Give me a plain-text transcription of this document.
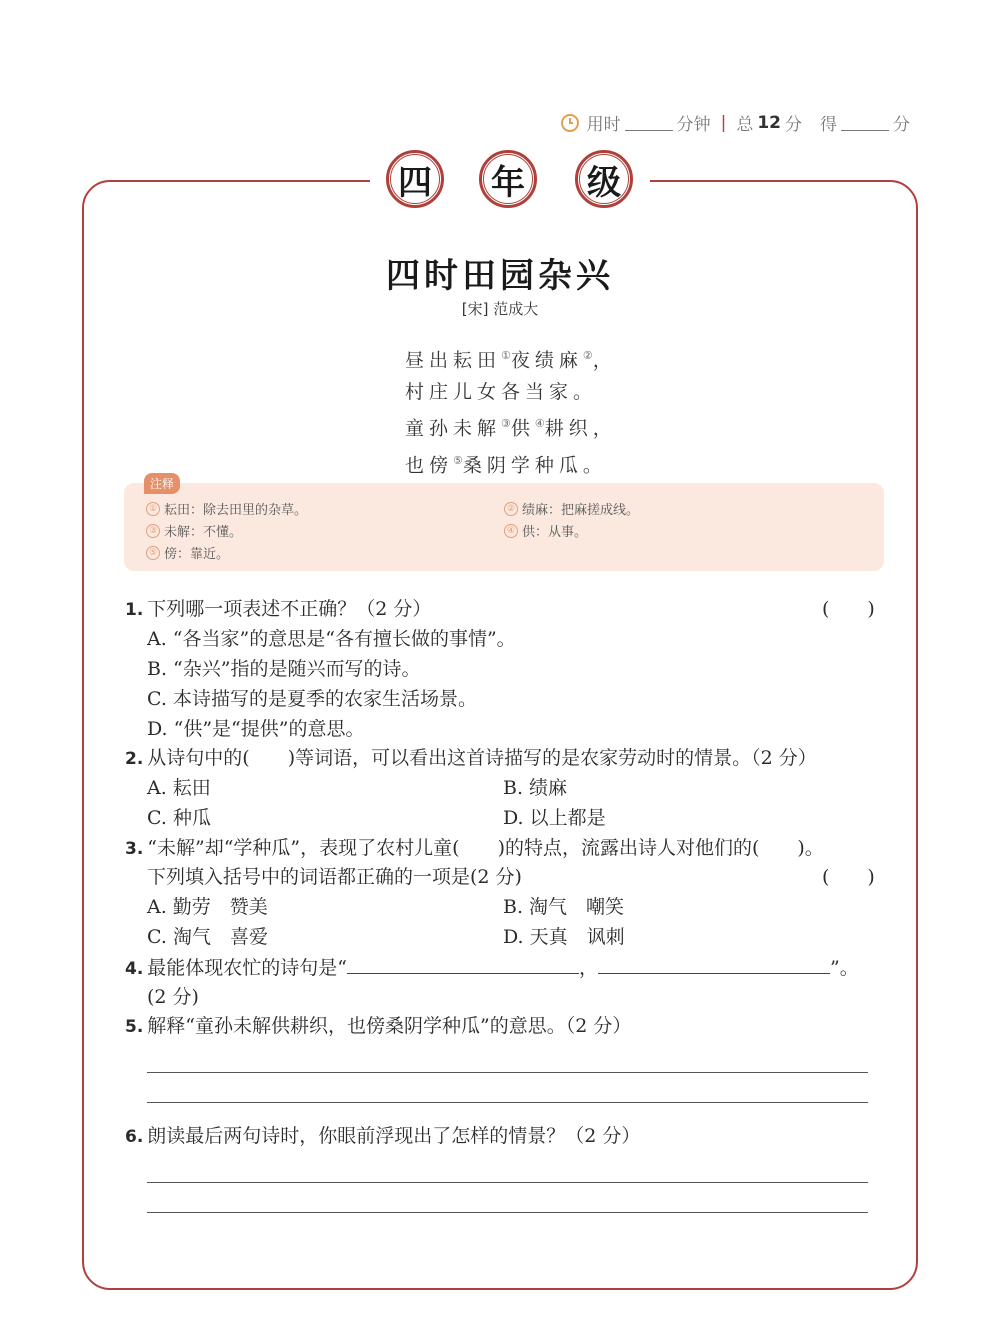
用时	分钟 | 总 12 分 得	分
四 年 级
四时田园杂兴
[宋] 范成大
昼出耘田①夜绩麻②，
村庄儿女各当家。
童孙未解③供④耕织，
也傍⑤桑阴学种瓜。
注释
① 耘田：除去田里的杂草。	② 绩麻：把麻搓成线。
③ 未解：不懂。	④ 供：从事。
⑤ 傍：靠近。
1. 下列哪一项表述不正确？（2 分）	(　　)
A. “各当家”的意思是“各有擅长做的事情”。
B. “杂兴”指的是随兴而写的诗。
C. 本诗描写的是夏季的农家生活场景。
D. “供”是“提供”的意思。
2. 从诗句中的(　　)等词语，可以看出这首诗描写的是农家劳动时的情景。（2 分）
A. 耘田	B. 绩麻
C. 种瓜	D. 以上都是
3. “未解”却“学种瓜”，表现了农村儿童(　　)的特点，流露出诗人对他们的(　　)。
下列填入括号中的词语都正确的一项是(2 分)	(　　)
A. 勤劳　赞美	B. 淘气　嘲笑
C. 淘气　喜爱	D. 天真　讽刺
4. 最能体现农忙的诗句是“	，	”。
(2 分)
5. 解释“童孙未解供耕织，也傍桑阴学种瓜”的意思。（2 分）
6. 朗读最后两句诗时，你眼前浮现出了怎样的情景？（2 分）
